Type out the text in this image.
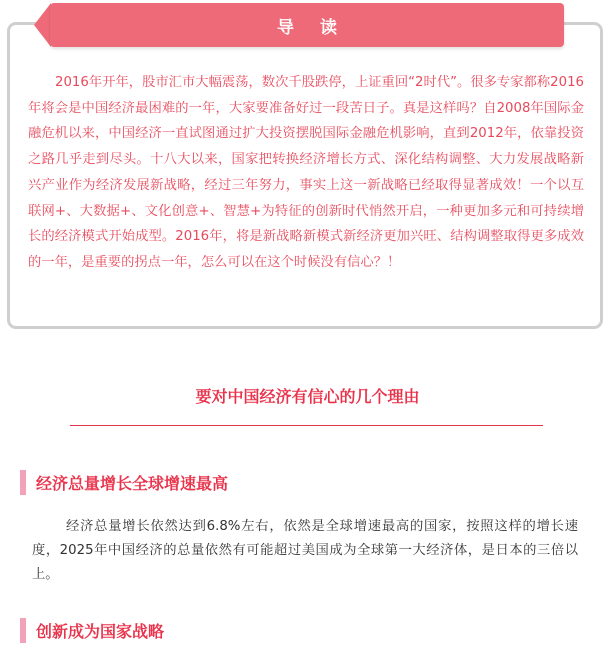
导 读

2016年开年，股市汇市大幅震荡，数次千股跌停，上证重回“2时代”。很多专家都称2016年将会是中国经济最困难的一年，大家要准备好过一段苦日子。真是这样吗？自2008年国际金融危机以来，中国经济一直试图通过扩大投资摆脱国际金融危机影响，直到2012年，依靠投资之路几乎走到尽头。十八大以来，国家把转换经济增长方式、深化结构调整、大力发展战略新兴产业作为经济发展新战略，经过三年努力，事实上这一新战略已经取得显著成效！一个以互联网+、大数据+、文化创意+、智慧+为特征的创新时代悄然开启，一种更加多元和可持续增长的经济模式开始成型。2016年，将是新战略新模式新经济更加兴旺、结构调整取得更多成效的一年，是重要的拐点一年，怎么可以在这个时候没有信心？！

要对中国经济有信心的几个理由
经济总量增长全球增速最高

经济总量增长依然达到6.8%左右，依然是全球增速最高的国家，按照这样的增长速度，2025年中国经济的总量依然有可能超过美国成为全球第一大经济体，是日本的三倍以上。

创新成为国家战略
